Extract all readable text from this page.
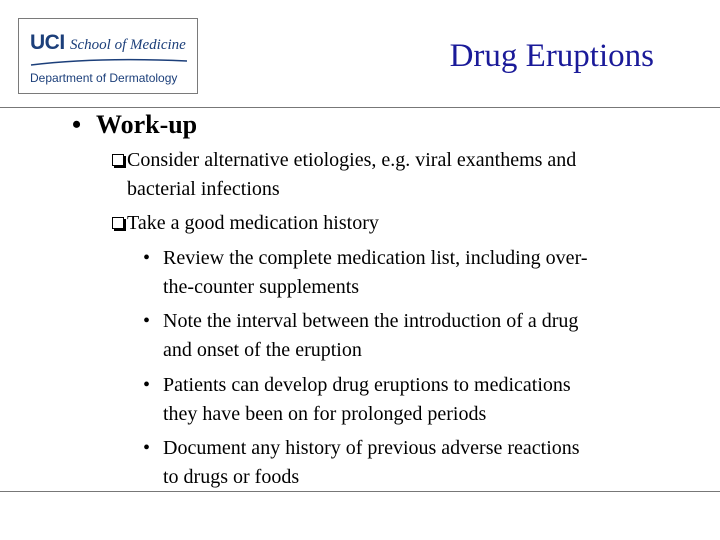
UCI School of Medicine
Department of Dermatology
Drug Eruptions
• Work-up
Consider alternative etiologies, e.g. viral exanthems and
bacterial infections
Take a good medication history
• Review the complete medication list, including over-
the-counter supplements
• Note the interval between the introduction of a drug
and onset of the eruption
• Patients can develop drug eruptions to medications
they have been on for prolonged periods
• Document any history of previous adverse reactions
to drugs or foods
